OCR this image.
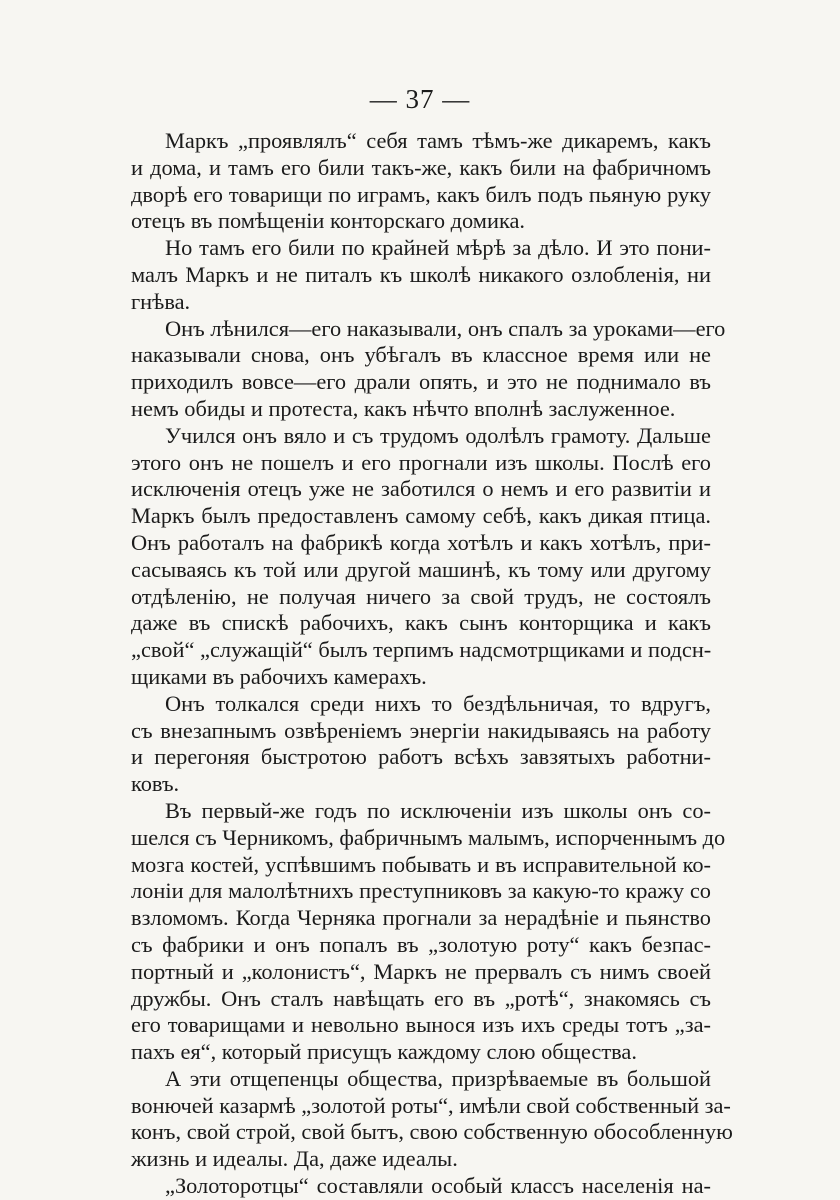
— 37 —
Маркъ „проявлялъ“ себя тамъ тѣмъ-же дикаремъ, какъ
и дома, и тамъ его били такъ-же, какъ били на фабричномъ
дворѣ его товарищи по играмъ, какъ билъ подъ пьяную руку
отецъ въ помѣщеніи конторскаго домика.
Но тамъ его били по крайней мѣрѣ за дѣло. И это пони-
малъ Маркъ и не питалъ къ школѣ никакого озлобленія, ни
гнѣва.
Онъ лѣнился—его наказывали, онъ спалъ за уроками—его
наказывали снова, онъ убѣгалъ въ классное время или не
приходилъ вовсе—его драли опять, и это не поднимало въ
немъ обиды и протеста, какъ нѣчто вполнѣ заслуженное.
Учился онъ вяло и съ трудомъ одолѣлъ грамоту. Дальше
этого онъ не пошелъ и его прогнали изъ школы. Послѣ его
исключенія отецъ уже не заботился о немъ и его развитіи и
Маркъ былъ предоставленъ самому себѣ, какъ дикая птица.
Онъ работалъ на фабрикѣ когда хотѣлъ и какъ хотѣлъ, при-
сасываясь къ той или другой машинѣ, къ тому или другому
отдѣленію, не получая ничего за свой трудъ, не состоялъ
даже въ спискѣ рабочихъ, какъ сынъ конторщика и какъ
„свой“ „служащій“ былъ терпимъ надсмотрщиками и подсн-
щиками въ рабочихъ камерахъ.
Онъ толкался среди нихъ то бездѣльничая, то вдругъ,
съ внезапнымъ озвѣреніемъ энергіи накидываясь на работу
и перегоняя быстротою работъ всѣхъ завзятыхъ работни-
ковъ.
Въ первый-же годъ по исключеніи изъ школы онъ со-
шелся съ Черникомъ, фабричнымъ малымъ, испорченнымъ до
мозга костей, успѣвшимъ побывать и въ исправительной ко-
лоніи для малолѣтнихъ преступниковъ за какую-то кражу со
взломомъ. Когда Черняка прогнали за нерадѣніе и пьянство
съ фабрики и онъ попалъ въ „золотую роту“ какъ безпас-
портный и „колонистъ“, Маркъ не прервалъ съ нимъ своей
дружбы. Онъ сталъ навѣщать его въ „ротѣ“, знакомясь съ
его товарищами и невольно вынося изъ ихъ среды тотъ „за-
пахъ ея“, который присущъ каждому слою общества.
А эти отщепенцы общества, призрѣваемые въ большой
вонючей казармѣ „золотой роты“, имѣли свой собственный за-
конъ, свой строй, свой бытъ, свою собственную обособленную
жизнь и идеалы. Да, даже идеалы.
„Золоторотцы“ составляли особый классъ населенія на-
